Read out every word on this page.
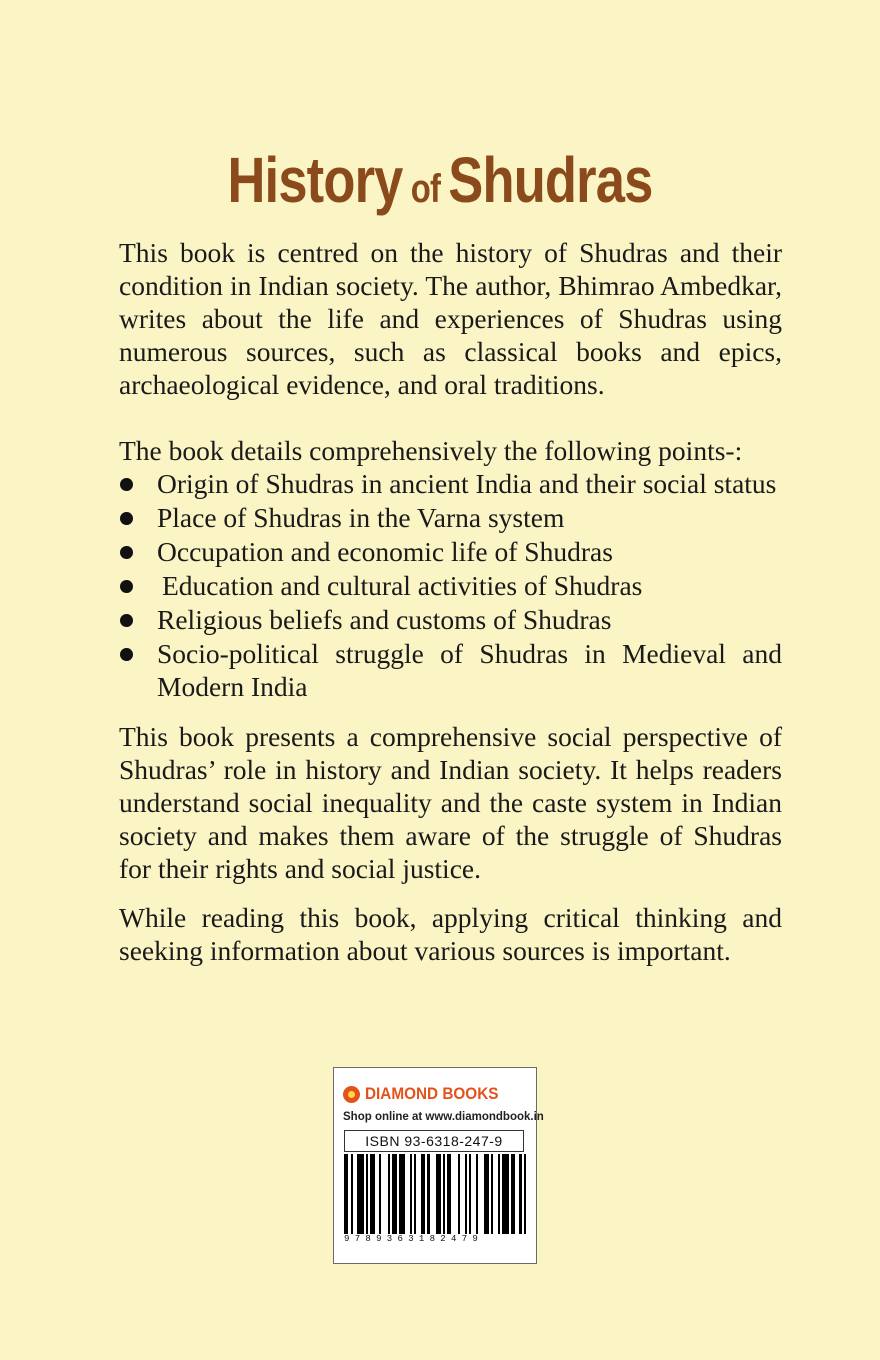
History of Shudras

This book is centred on the history of Shudras and their condition in Indian society. The author, Bhimrao Ambedkar, writes about the life and experiences of Shudras using numerous sources, such as classical books and epics, archaeological evidence, and oral traditions.

The book details comprehensively the following points-:

Origin of Shudras in ancient India and their social status
Place of Shudras in the Varna system
Occupation and economic life of Shudras
Education and cultural activities of Shudras
Religious beliefs and customs of Shudras
Socio-political struggle of Shudras in Medieval and Modern India

This book presents a comprehensive social perspective of Shudras’ role in history and Indian society. It helps readers understand social inequality and the caste system in Indian society and makes them aware of the struggle of Shudras for their rights and social justice.

While reading this book, applying critical thinking and seeking information about various sources is important.

DIAMOND BOOKS
Shop online at www.diamondbook.in
ISBN 93-6318-247-9
9789363182479
